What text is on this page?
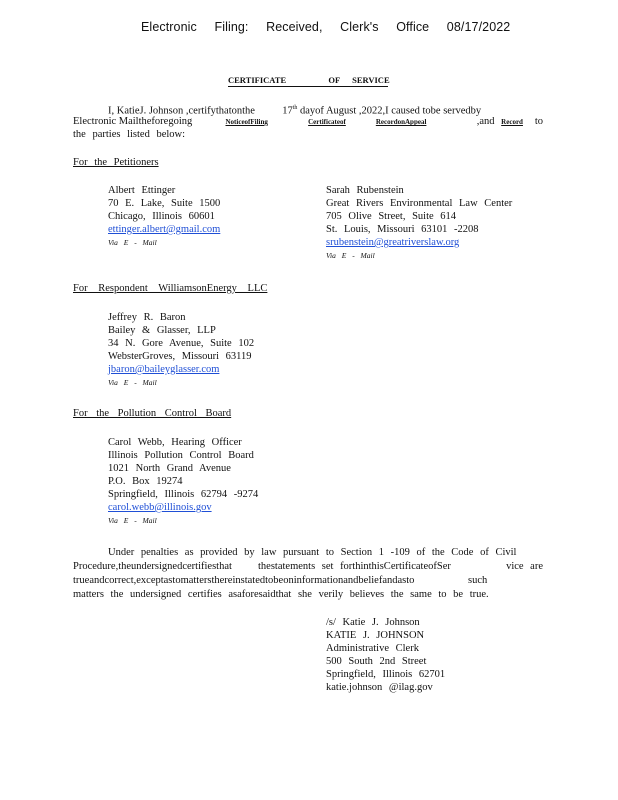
Electronic Filing: Received, Clerk's Office 08/17/2022
CERTIFICATE	OF SERVICE
I, KatieJ. Johnson ,certifythatonthe	17th dayof August ,2022,I caused tobe servedby
Electronic Mailtheforegoing	NoticeofFiling	Certificateof	RecordonAppeal	,and Record to
the parties listed below:
For the Petitioners
Albert Ettinger
70 E. Lake, Suite 1500
Chicago, Illinois 60601
ettinger.albert@gmail.com
Via E - Mail
Sarah Rubenstein
Great Rivers Environmental Law Center
705 Olive Street, Suite 614
St. Louis, Missouri 63101 -2208
srubenstein@greatriverslaw.org
Via E - Mail
For Respondent WilliamsonEnergy LLC
Jeffrey R. Baron
Bailey & Glasser, LLP
34 N. Gore Avenue, Suite 102
WebsterGroves, Missouri 63119
jbaron@baileyglasser.com
Via E - Mail
For the Pollution Control Board
Carol Webb, Hearing Officer
Illinois Pollution Control Board
1021 North Grand Avenue
P.O. Box 19274
Springfield, Illinois 62794 -9274
carol.webb@illinois.gov
Via E - Mail
Under penalties as provided by law pursuant to Section 1 -109 of the Code of Civil
Procedure,theundersignedcertifiesthat thestatements set forthinthisCertificateofSer	vice are
trueandcorrect,exceptastomattersthereinstatedtobeoninformationandbeliefandasto	such
matters the undersigned certifies asaforesaidthat she verily believes the same to be true.
/s/ Katie J. Johnson
KATIE J. JOHNSON
Administrative Clerk
500 South 2nd Street
Springfield, Illinois 62701
katie.johnson @ilag.gov
